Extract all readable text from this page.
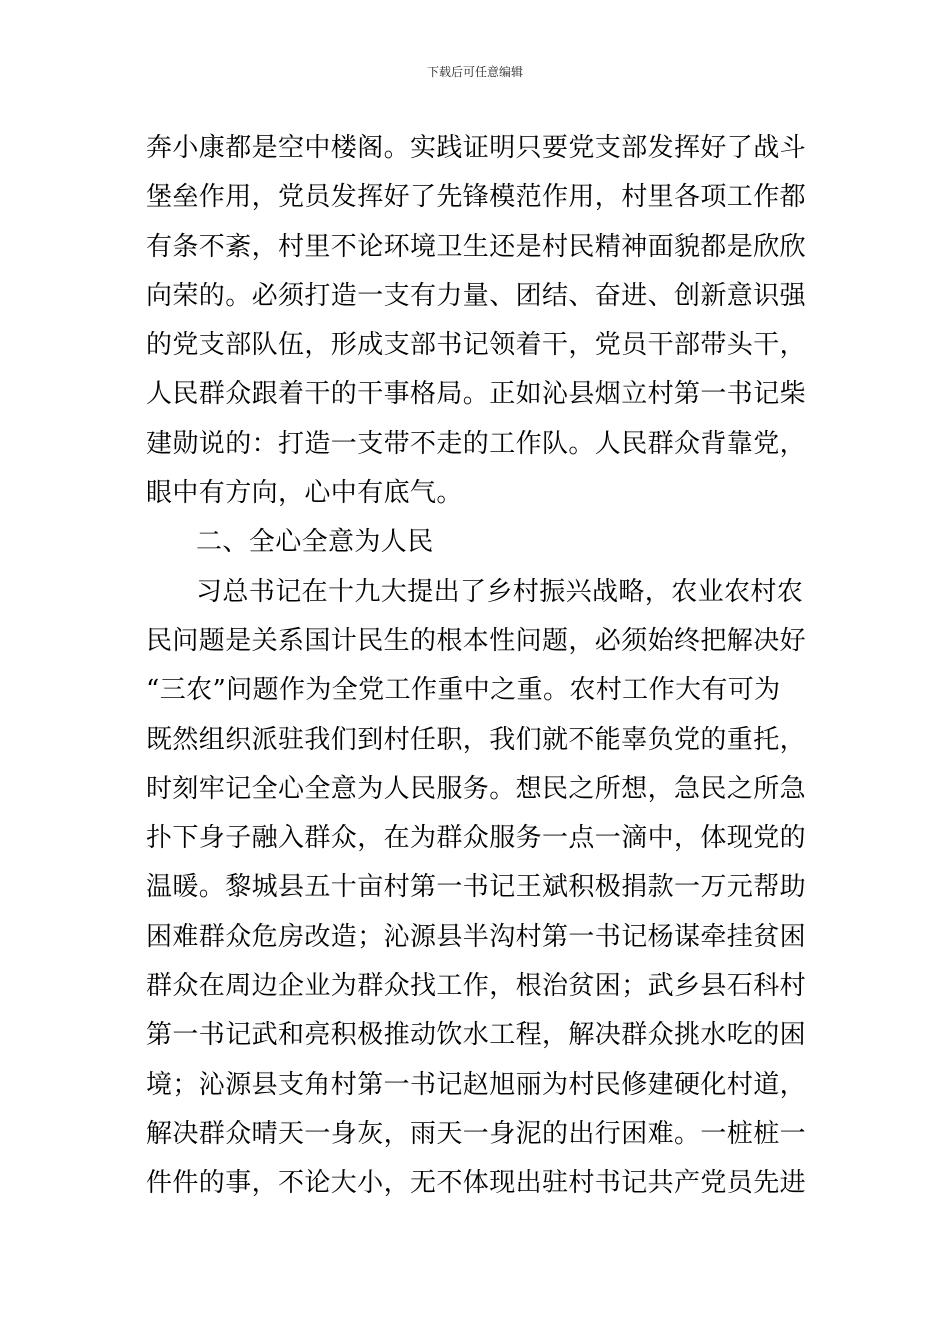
下载后可任意编辑
奔小康都是空中楼阁。实践证明只要党支部发挥好了战斗
堡垒作用，党员发挥好了先锋模范作用，村里各项工作都
有条不紊，村里不论环境卫生还是村民精神面貌都是欣欣
向荣的。必须打造一支有力量、团结、奋进、创新意识强
的党支部队伍，形成支部书记领着干，党员干部带头干，
人民群众跟着干的干事格局。正如沁县烟立村第一书记柴
建勋说的：打造一支带不走的工作队。人民群众背靠党，
眼中有方向，心中有底气。
二、全心全意为人民
习总书记在十九大提出了乡村振兴战略，农业农村农
民问题是关系国计民生的根本性问题，必须始终把解决好
“三农”问题作为全党工作重中之重。农村工作大有可为
既然组织派驻我们到村任职，我们就不能辜负党的重托，
时刻牢记全心全意为人民服务。想民之所想，急民之所急
扑下身子融入群众，在为群众服务一点一滴中，体现党的
温暖。黎城县五十亩村第一书记王斌积极捐款一万元帮助
困难群众危房改造；沁源县半沟村第一书记杨谋牵挂贫困
群众在周边企业为群众找工作，根治贫困；武乡县石科村
第一书记武和亮积极推动饮水工程，解决群众挑水吃的困
境；沁源县支角村第一书记赵旭丽为村民修建硬化村道，
解决群众晴天一身灰，雨天一身泥的出行困难。一桩桩一
件件的事，不论大小，无不体现出驻村书记共产党员先进
